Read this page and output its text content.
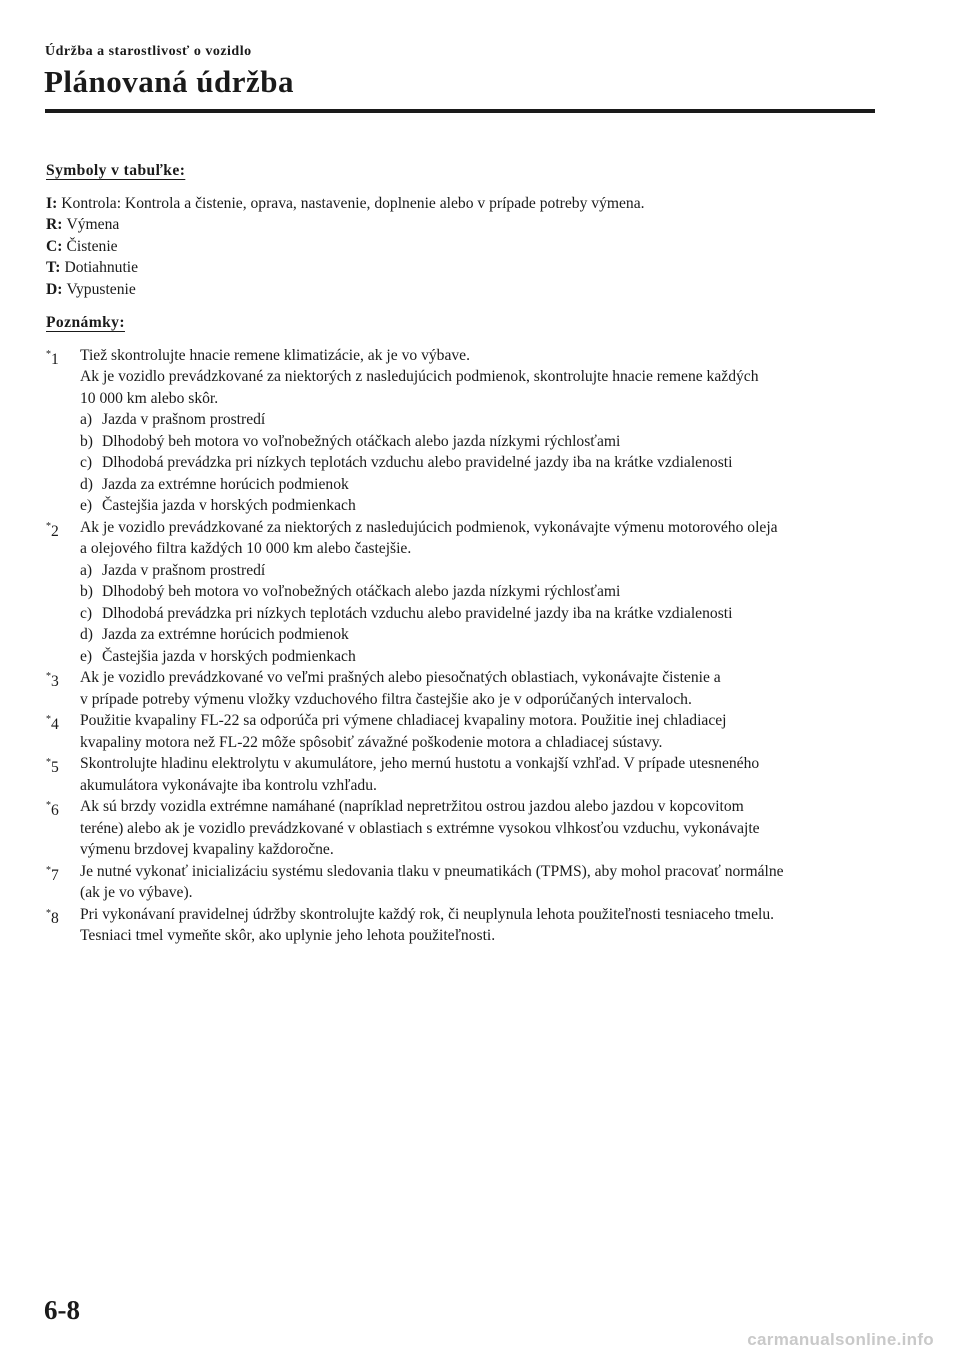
Údržba a starostlivosť o vozidlo

Plánovaná údržba
Symboly v tabuľke:
I: Kontrola: Kontrola a čistenie, oprava, nastavenie, doplnenie alebo v prípade potreby výmena.
R: Výmena
C: Čistenie
T: Dotiahnutie
D: Vypustenie
Poznámky:
*1 Tiež skontrolujte hnacie remene klimatizácie, ak je vo výbave.
Ak je vozidlo prevádzkované za niektorých z nasledujúcich podmienok, skontrolujte hnacie remene každých
10 000 km alebo skôr.
a) Jazda v prašnom prostredí
b) Dlhodobý beh motora vo voľnobežných otáčkach alebo jazda nízkymi rýchlosťami
c) Dlhodobá prevádzka pri nízkych teplotách vzduchu alebo pravidelné jazdy iba na krátke vzdialenosti
d) Jazda za extrémne horúcich podmienok
e) Častejšia jazda v horských podmienkach
*2 Ak je vozidlo prevádzkované za niektorých z nasledujúcich podmienok, vykonávajte výmenu motorového oleja
a olejového filtra každých 10 000 km alebo častejšie.
a) Jazda v prašnom prostredí
b) Dlhodobý beh motora vo voľnobežných otáčkach alebo jazda nízkymi rýchlosťami
c) Dlhodobá prevádzka pri nízkych teplotách vzduchu alebo pravidelné jazdy iba na krátke vzdialenosti
d) Jazda za extrémne horúcich podmienok
e) Častejšia jazda v horských podmienkach
*3 Ak je vozidlo prevádzkované vo veľmi prašných alebo piesočnatých oblastiach, vykonávajte čistenie a
v prípade potreby výmenu vložky vzduchového filtra častejšie ako je v odporúčaných intervaloch.
*4 Použitie kvapaliny FL-22 sa odporúča pri výmene chladiacej kvapaliny motora. Použitie inej chladiacej
kvapaliny motora než FL-22 môže spôsobiť závažné poškodenie motora a chladiacej sústavy.
*5 Skontrolujte hladinu elektrolytu v akumulátore, jeho mernú hustotu a vonkajší vzhľad. V prípade utesneného
akumulátora vykonávajte iba kontrolu vzhľadu.
*6 Ak sú brzdy vozidla extrémne namáhané (napríklad nepretržitou ostrou jazdou alebo jazdou v kopcovitom
teréne) alebo ak je vozidlo prevádzkované v oblastiach s extrémne vysokou vlhkosťou vzduchu, vykonávajte
výmenu brzdovej kvapaliny každoročne.
*7 Je nutné vykonať inicializáciu systému sledovania tlaku v pneumatikách (TPMS), aby mohol pracovať normálne
(ak je vo výbave).
*8 Pri vykonávaní pravidelnej údržby skontrolujte každý rok, či neuplynula lehota použiteľnosti tesniaceho tmelu.
Tesniaci tmel vymeňte skôr, ako uplynie jeho lehota použiteľnosti.

6-8

carmanualsonline.info
